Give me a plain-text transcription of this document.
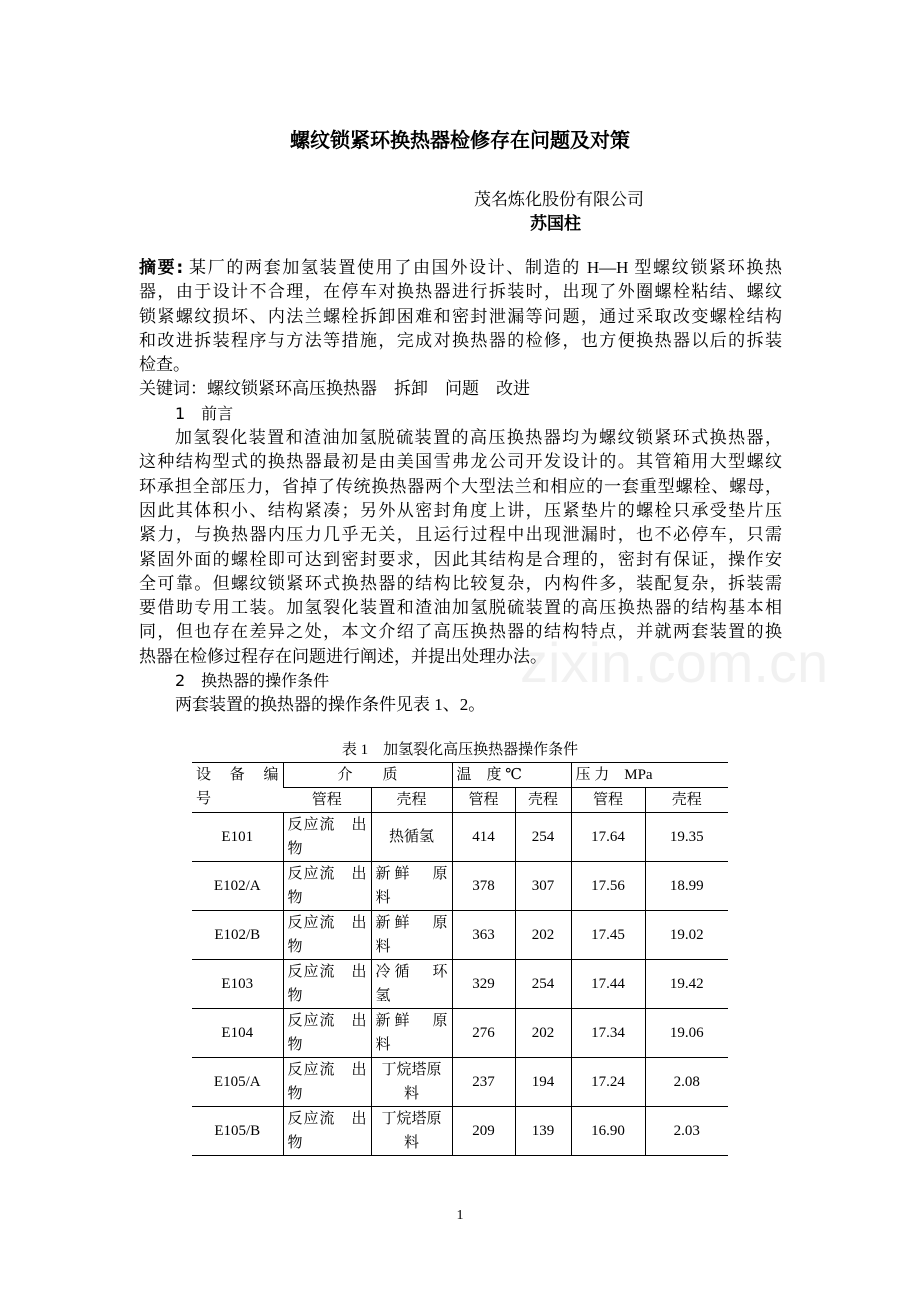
zixin.com.cn
螺纹锁紧环换热器检修存在问题及对策
茂名炼化股份有限公司
苏国柱
摘要: 某厂的两套加氢装置使用了由国外设计、制造的 H—H 型螺纹锁紧环换热
器，由于设计不合理，在停车对换热器进行拆装时，出现了外圈螺栓粘结、螺纹
锁紧螺纹损坏、内法兰螺栓拆卸困难和密封泄漏等问题，通过采取改变螺栓结构
和改进拆装程序与方法等措施，完成对换热器的检修，也方便换热器以后的拆装
检查。
关键词：螺纹锁紧环高压换热器　 拆卸　 问题　 改进
1　前言
加氢裂化装置和渣油加氢脱硫装置的高压换热器均为螺纹锁紧环式换热器，
这种结构型式的换热器最初是由美国雪弗龙公司开发设计的。其管箱用大型螺纹
环承担全部压力，省掉了传统换热器两个大型法兰和相应的一套重型螺栓、螺母，
因此其体积小、结构紧凑；另外从密封角度上讲，压紧垫片的螺栓只承受垫片压
紧力，与换热器内压力几乎无关，且运行过程中出现泄漏时，也不必停车，只需
紧固外面的螺栓即可达到密封要求，因此其结构是合理的，密封有保证，操作安
全可靠。但螺纹锁紧环式换热器的结构比较复杂，内构件多，装配复杂，拆装需
要借助专用工装。加氢裂化装置和渣油加氢脱硫装置的高压换热器的结构基本相
同，但也存在差异之处，本文介绍了高压换热器的结构特点，并就两套装置的换
热器在检修过程存在问题进行阐述，并提出处理办法。
2　换热器的操作条件
两套装置的换热器的操作条件见表 1、2。
表 1　加氢裂化高压换热器操作条件
设　备　编号	介　　质		温　度 ℃		压 力　MPa	
	管程	壳程	管程	壳程	管程	壳程
E101	反应流　出物	热循氢	414	254	17.64	19.35
E102/A	反应流　出物	新鲜　原料	378	307	17.56	18.99
E102/B	反应流　出物	新鲜　原料	363	202	17.45	19.02
E103	反应流　出物	冷循　环氢	329	254	17.44	19.42
E104	反应流　出物	新鲜　原料	276	202	17.34	19.06
E105/A	反应流　出物	丁烷塔原料	237	194	17.24	2.08
E105/B	反应流　出物	丁烷塔原料	209	139	16.90	2.03
1
